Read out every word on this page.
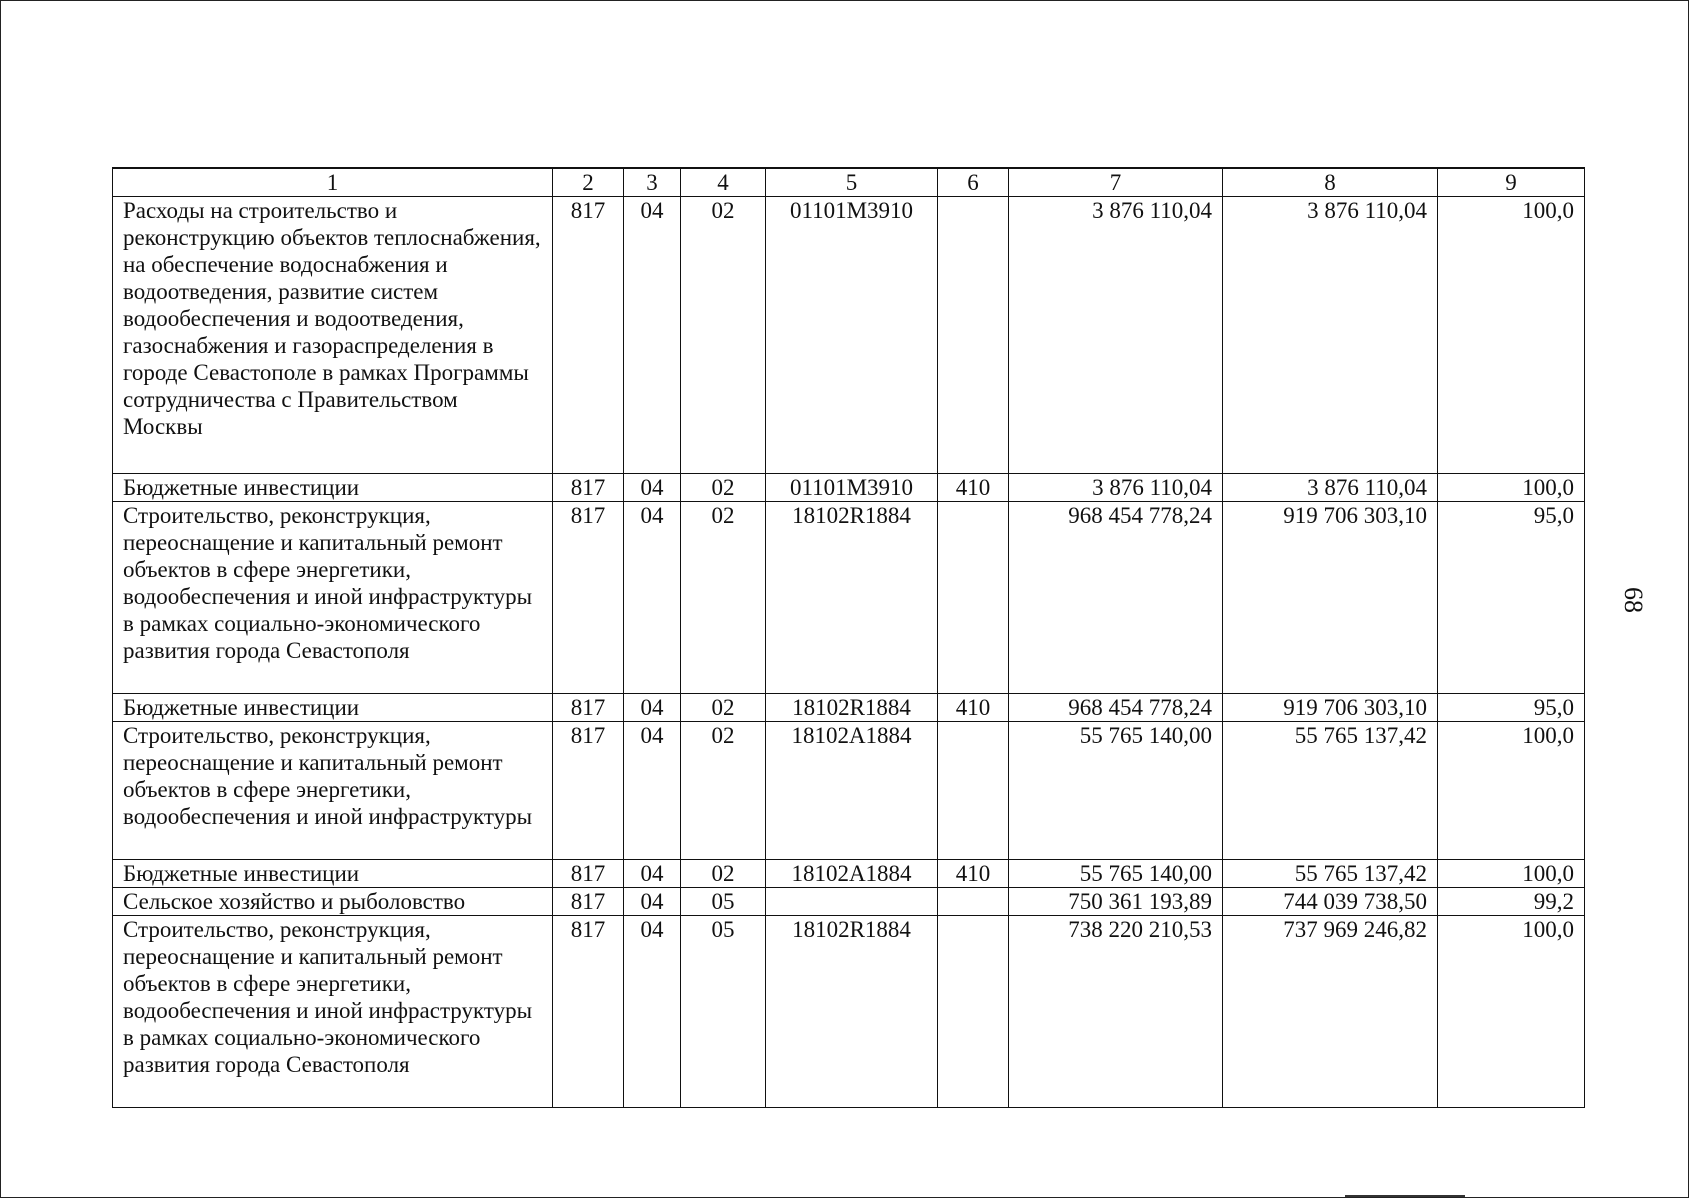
1	2	3	4	5	6	7	8	9
Расходы на строительство и реконструкцию объектов теплоснабжения, на обеспечение водоснабжения и водоотведения, развитие систем водообеспечения и водоотведения, газоснабжения и газораспределения в городе Севастополе в рамках Программы сотрудничества с Правительством Москвы	817	04	02	01101M3910		3 876 110,04	3 876 110,04	100,0
Бюджетные инвестиции	817	04	02	01101M3910	410	3 876 110,04	3 876 110,04	100,0
Строительство, реконструкция, переоснащение и капитальный ремонт объектов в сфере энергетики, водообеспечения и иной инфраструктуры в рамках социально-экономического развития города Севастополя	817	04	02	18102R1884		968 454 778,24	919 706 303,10	95,0
Бюджетные инвестиции	817	04	02	18102R1884	410	968 454 778,24	919 706 303,10	95,0
Строительство, реконструкция, переоснащение и капитальный ремонт объектов в сфере энергетики, водообеспечения и иной инфраструктуры	817	04	02	18102A1884		55 765 140,00	55 765 137,42	100,0
Бюджетные инвестиции	817	04	02	18102A1884	410	55 765 140,00	55 765 137,42	100,0
Сельское хозяйство и рыболовство	817	04	05			750 361 193,89	744 039 738,50	99,2
Строительство, реконструкция, переоснащение и капитальный ремонт объектов в сфере энергетики, водообеспечения и иной инфраструктуры в рамках социально-экономического развития города Севастополя	817	04	05	18102R1884		738 220 210,53	737 969 246,82	100,0
68
